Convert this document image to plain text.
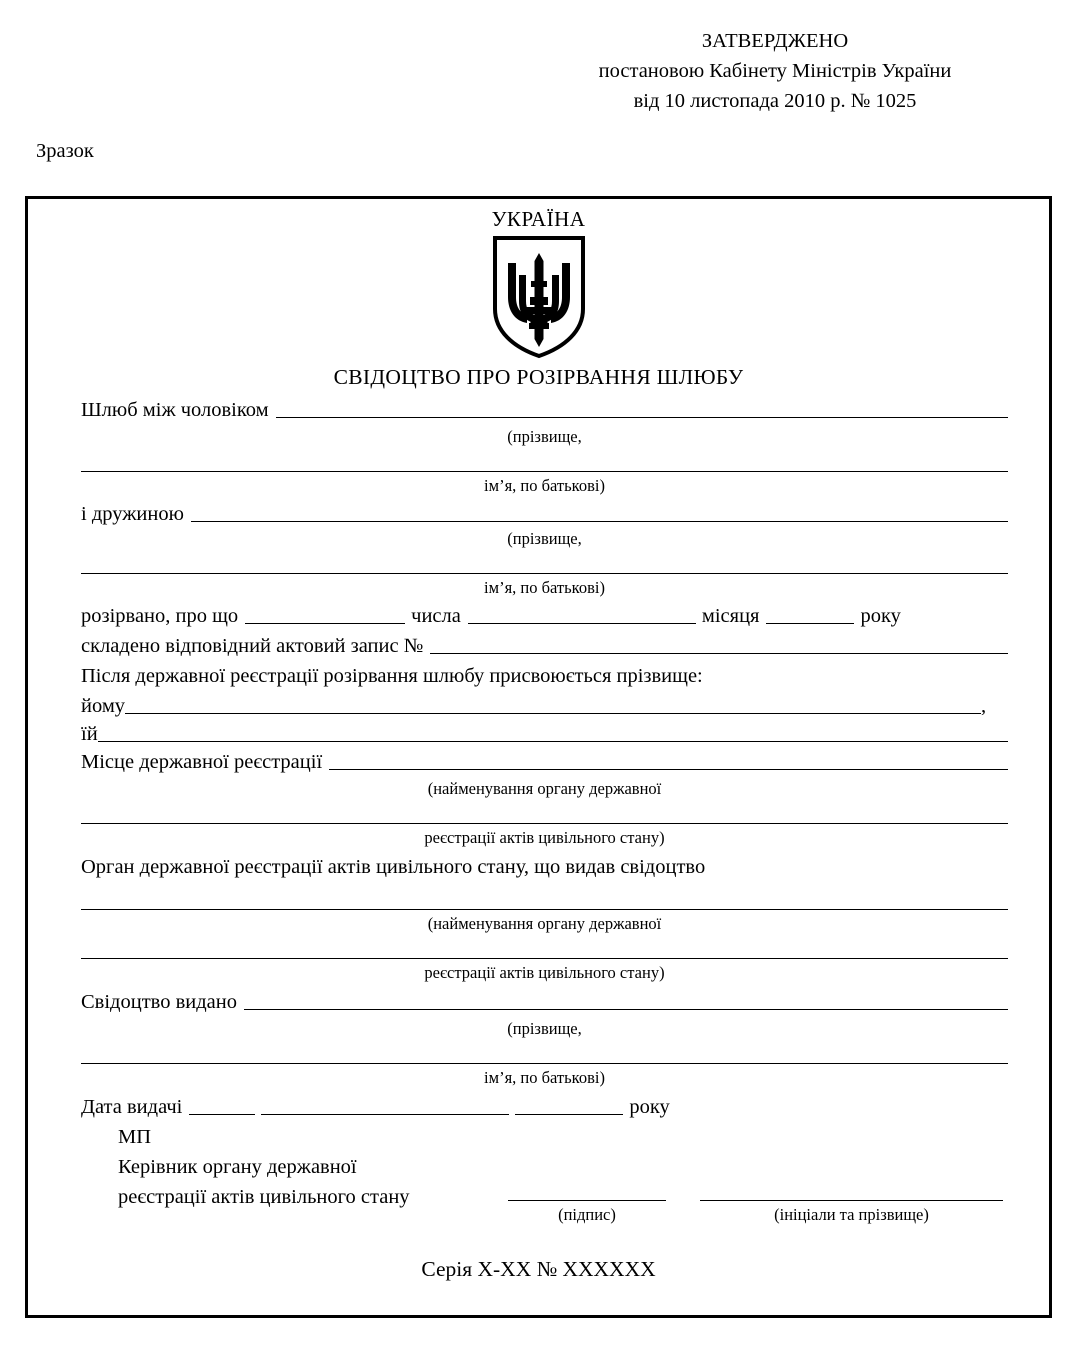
ЗАТВЕРДЖЕНО
постановою Кабінету Міністрів України
від 10 листопада 2010 р. № 1025
Зразок
УКРАЇНА
СВІДОЦТВО ПРО РОЗІРВАННЯ ШЛЮБУ
Шлюб між чоловіком
(прізвище,
ім’я, по батькові)
і дружиною
(прізвище,
ім’я, по батькові)
розірвано, про що	числа	місяця	року
складено відповідний актовий запис №
Після державної реєстрації розірвання шлюбу присвоюється прізвище:
йому	,
їй
Місце державної реєстрації
(найменування органу державної
реєстрації актів цивільного стану)
Орган державної реєстрації актів цивільного стану, що видав свідоцтво
(найменування органу державної
реєстрації актів цивільного стану)
Свідоцтво видано
(прізвище,
ім’я, по батькові)
Дата видачі	року
МП
Керівник органу державної
реєстрації актів цивільного стану
(підпис)	(ініціали та прізвище)
Серія Х-ХХ № ХХХХХХ
